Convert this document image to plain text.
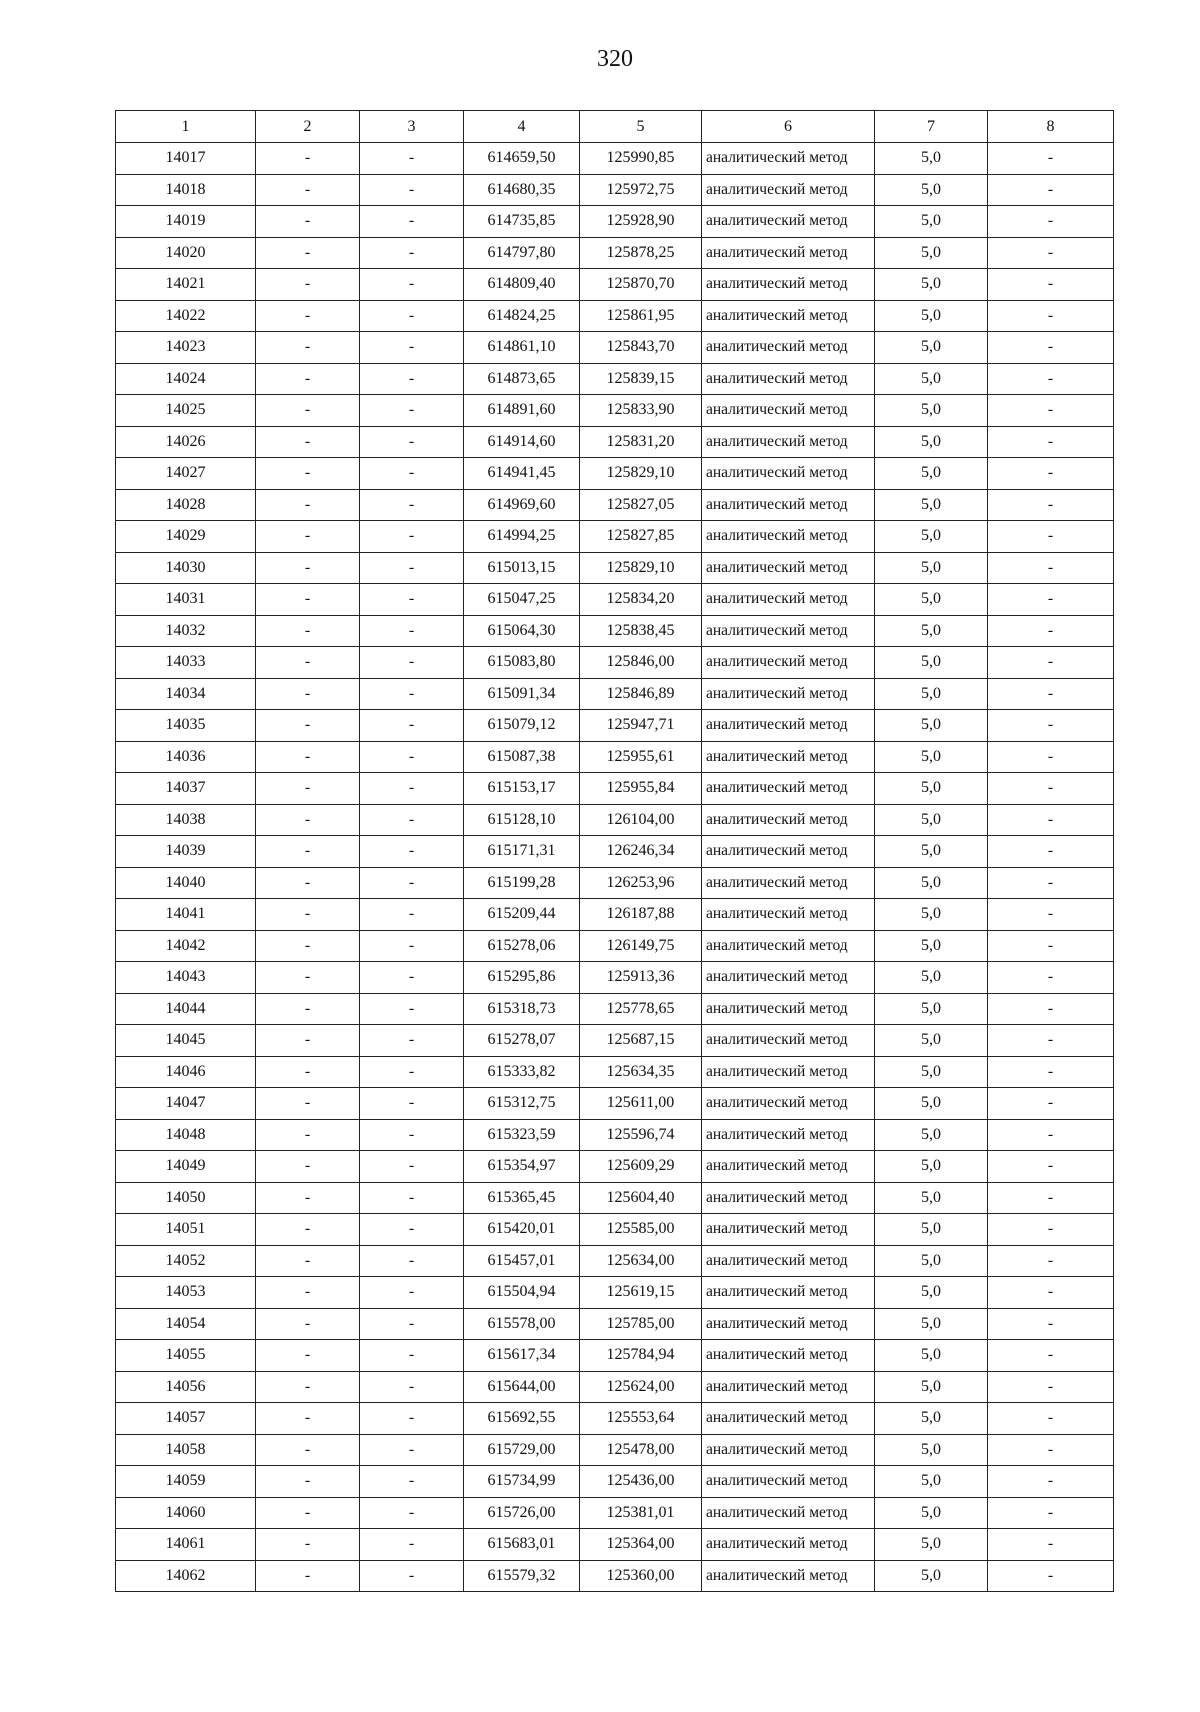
320
1	2	3	4	5	6	7	8
14017	-	-	614659,50	125990,85	аналитический метод	5,0	-
14018	-	-	614680,35	125972,75	аналитический метод	5,0	-
14019	-	-	614735,85	125928,90	аналитический метод	5,0	-
14020	-	-	614797,80	125878,25	аналитический метод	5,0	-
14021	-	-	614809,40	125870,70	аналитический метод	5,0	-
14022	-	-	614824,25	125861,95	аналитический метод	5,0	-
14023	-	-	614861,10	125843,70	аналитический метод	5,0	-
14024	-	-	614873,65	125839,15	аналитический метод	5,0	-
14025	-	-	614891,60	125833,90	аналитический метод	5,0	-
14026	-	-	614914,60	125831,20	аналитический метод	5,0	-
14027	-	-	614941,45	125829,10	аналитический метод	5,0	-
14028	-	-	614969,60	125827,05	аналитический метод	5,0	-
14029	-	-	614994,25	125827,85	аналитический метод	5,0	-
14030	-	-	615013,15	125829,10	аналитический метод	5,0	-
14031	-	-	615047,25	125834,20	аналитический метод	5,0	-
14032	-	-	615064,30	125838,45	аналитический метод	5,0	-
14033	-	-	615083,80	125846,00	аналитический метод	5,0	-
14034	-	-	615091,34	125846,89	аналитический метод	5,0	-
14035	-	-	615079,12	125947,71	аналитический метод	5,0	-
14036	-	-	615087,38	125955,61	аналитический метод	5,0	-
14037	-	-	615153,17	125955,84	аналитический метод	5,0	-
14038	-	-	615128,10	126104,00	аналитический метод	5,0	-
14039	-	-	615171,31	126246,34	аналитический метод	5,0	-
14040	-	-	615199,28	126253,96	аналитический метод	5,0	-
14041	-	-	615209,44	126187,88	аналитический метод	5,0	-
14042	-	-	615278,06	126149,75	аналитический метод	5,0	-
14043	-	-	615295,86	125913,36	аналитический метод	5,0	-
14044	-	-	615318,73	125778,65	аналитический метод	5,0	-
14045	-	-	615278,07	125687,15	аналитический метод	5,0	-
14046	-	-	615333,82	125634,35	аналитический метод	5,0	-
14047	-	-	615312,75	125611,00	аналитический метод	5,0	-
14048	-	-	615323,59	125596,74	аналитический метод	5,0	-
14049	-	-	615354,97	125609,29	аналитический метод	5,0	-
14050	-	-	615365,45	125604,40	аналитический метод	5,0	-
14051	-	-	615420,01	125585,00	аналитический метод	5,0	-
14052	-	-	615457,01	125634,00	аналитический метод	5,0	-
14053	-	-	615504,94	125619,15	аналитический метод	5,0	-
14054	-	-	615578,00	125785,00	аналитический метод	5,0	-
14055	-	-	615617,34	125784,94	аналитический метод	5,0	-
14056	-	-	615644,00	125624,00	аналитический метод	5,0	-
14057	-	-	615692,55	125553,64	аналитический метод	5,0	-
14058	-	-	615729,00	125478,00	аналитический метод	5,0	-
14059	-	-	615734,99	125436,00	аналитический метод	5,0	-
14060	-	-	615726,00	125381,01	аналитический метод	5,0	-
14061	-	-	615683,01	125364,00	аналитический метод	5,0	-
14062	-	-	615579,32	125360,00	аналитический метод	5,0	-
